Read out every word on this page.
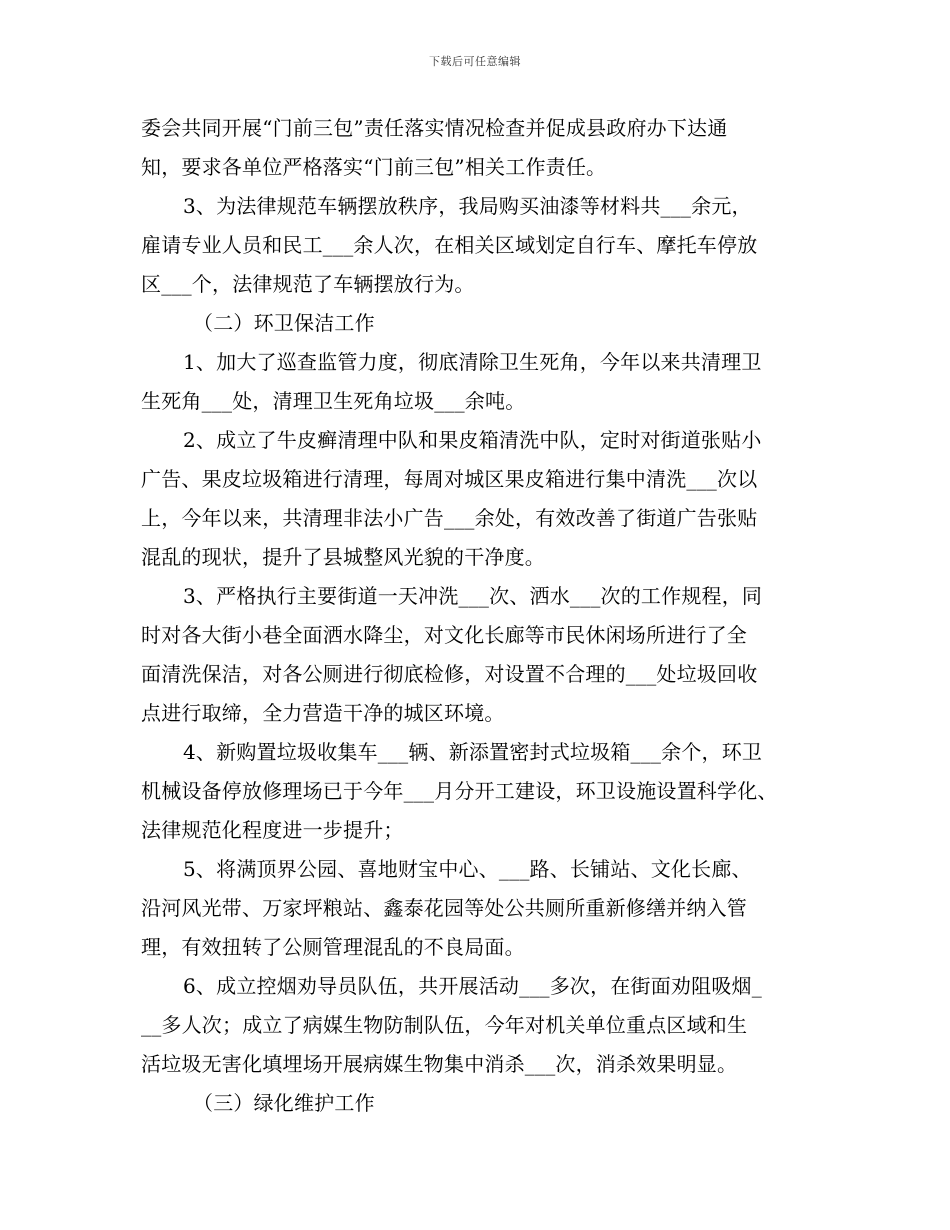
下载后可任意编辑
委会共同开展“门前三包”责任落实情况检查并促成县政府办下达通
知，要求各单位严格落实“门前三包”相关工作责任。
3、为法律规范车辆摆放秩序，我局购买油漆等材料共___余元，
雇请专业人员和民工___余人次，在相关区域划定自行车、摩托车停放
区___个，法律规范了车辆摆放行为。
（二）环卫保洁工作
1、加大了巡查监管力度，彻底清除卫生死角，今年以来共清理卫
生死角___处，清理卫生死角垃圾___余吨。
2、成立了牛皮癣清理中队和果皮箱清洗中队，定时对街道张贴小
广告、果皮垃圾箱进行清理，每周对城区果皮箱进行集中清洗___次以
上，今年以来，共清理非法小广告___余处，有效改善了街道广告张贴
混乱的现状，提升了县城整风光貌的干净度。
3、严格执行主要街道一天冲洗___次、洒水___次的工作规程，同
时对各大街小巷全面洒水降尘，对文化长廊等市民休闲场所进行了全
面清洗保洁，对各公厕进行彻底检修，对设置不合理的___处垃圾回收
点进行取缔，全力营造干净的城区环境。
4、新购置垃圾收集车___辆、新添置密封式垃圾箱___余个，环卫
机械设备停放修理场已于今年___月分开工建设，环卫设施设置科学化、
法律规范化程度进一步提升；
5、将满顶界公园、喜地财宝中心、___路、长铺站、文化长廊、
沿河风光带、万家坪粮站、鑫泰花园等处公共厕所重新修缮并纳入管
理，有效扭转了公厕管理混乱的不良局面。
6、成立控烟劝导员队伍，共开展活动___多次，在街面劝阻吸烟_
__多人次；成立了病媒生物防制队伍，今年对机关单位重点区域和生
活垃圾无害化填埋场开展病媒生物集中消杀___次，消杀效果明显。
（三）绿化维护工作
